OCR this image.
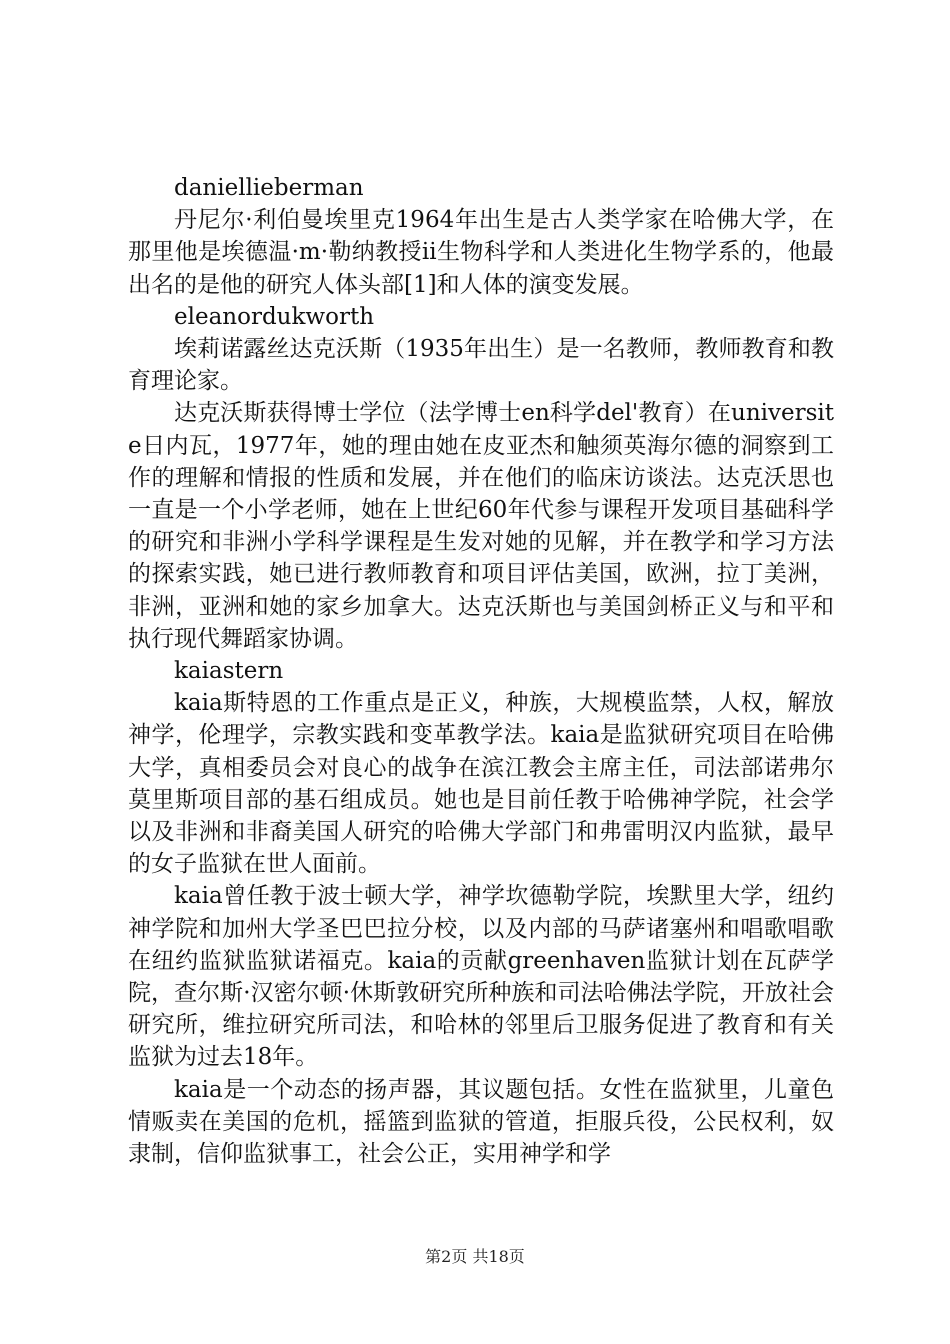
daniellieberman

丹尼尔·利伯曼埃里克1964年出生是古人类学家在哈佛大学，在那里他是埃德温·m·勒纳教授ii生物科学和人类进化生物学系的，他最出名的是他的研究人体头部[1]和人体的演变发展。

eleanordukworth

埃莉诺露丝达克沃斯（1935年出生）是一名教师，教师教育和教育理论家。

达克沃斯获得博士学位（法学博士en科学del'教育）在universite日内瓦，1977年，她的理由她在皮亚杰和触须英海尔德的洞察到工作的理解和情报的性质和发展，并在他们的临床访谈法。达克沃思也一直是一个小学老师，她在上世纪60年代参与课程开发项目基础科学的研究和非洲小学科学课程是生发对她的见解，并在教学和学习方法的探索实践，她已进行教师教育和项目评估美国，欧洲，拉丁美洲，非洲，亚洲和她的家乡加拿大。达克沃斯也与美国剑桥正义与和平和执行现代舞蹈家协调。

kaiastern

kaia斯特恩的工作重点是正义，种族，大规模监禁，人权，解放神学，伦理学，宗教实践和变革教学法。kaia是监狱研究项目在哈佛大学，真相委员会对良心的战争在滨江教会主席主任，司法部诺弗尔莫里斯项目部的基石组成员。她也是目前任教于哈佛神学院，社会学以及非洲和非裔美国人研究的哈佛大学部门和弗雷明汉内监狱，最早的女子监狱在世人面前。

kaia曾任教于波士顿大学，神学坎德勒学院，埃默里大学，纽约神学院和加州大学圣巴巴拉分校，以及内部的马萨诸塞州和唱歌唱歌在纽约监狱监狱诺福克。kaia的贡献greenhaven监狱计划在瓦萨学院，查尔斯·汉密尔顿·休斯敦研究所种族和司法哈佛法学院，开放社会研究所，维拉研究所司法，和哈林的邻里后卫服务促进了教育和有关监狱为过去18年。

kaia是一个动态的扬声器，其议题包括。女性在监狱里，儿童色情贩卖在美国的危机，摇篮到监狱的管道，拒服兵役，公民权利，奴隶制，信仰监狱事工，社会公正，实用神学和学

第2页 共18页
